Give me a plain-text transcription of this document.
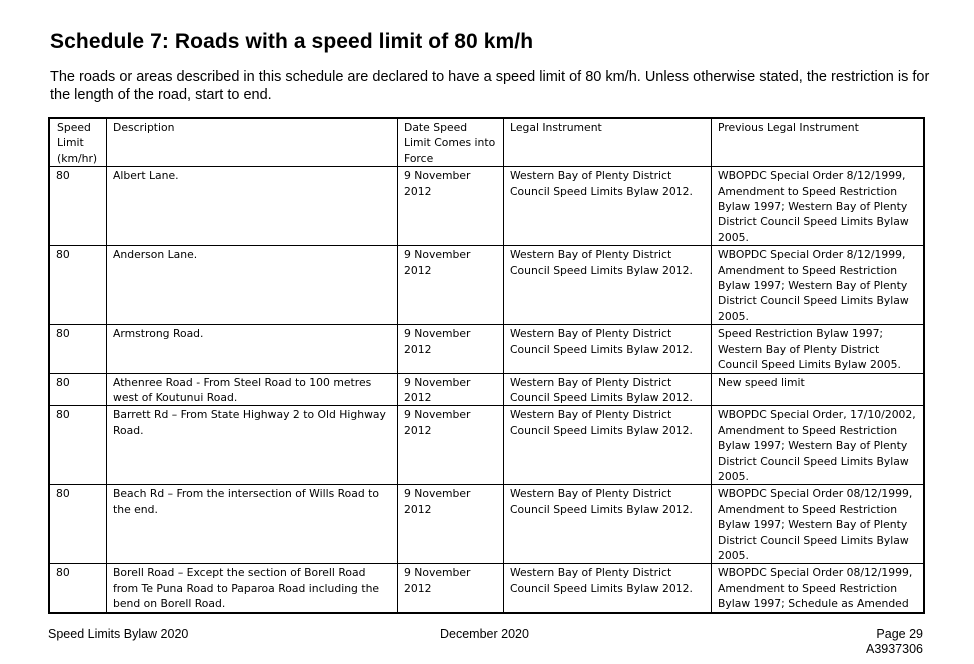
Schedule 7: Roads with a speed limit of 80 km/h
The roads or areas described in this schedule are declared to have a speed limit of 80 km/h. Unless otherwise stated, the restriction is for the length of the road, start to end.
Speed Limit (km/hr)	Description	Date Speed Limit Comes into Force	Legal Instrument	Previous Legal Instrument
80	Albert Lane.	9 November 2012	Western Bay of Plenty District Council Speed Limits Bylaw 2012.	WBOPDC Special Order 8/12/1999, Amendment to Speed Restriction Bylaw 1997; Western Bay of Plenty District Council Speed Limits Bylaw 2005.
80	Anderson Lane.	9 November 2012	Western Bay of Plenty District Council Speed Limits Bylaw 2012.	WBOPDC Special Order 8/12/1999, Amendment to Speed Restriction Bylaw 1997; Western Bay of Plenty District Council Speed Limits Bylaw 2005.
80	Armstrong Road.	9 November 2012	Western Bay of Plenty District Council Speed Limits Bylaw 2012.	Speed Restriction Bylaw 1997; Western Bay of Plenty District Council Speed Limits Bylaw 2005.
80	Athenree Road - From Steel Road to 100 metres west of Koutunui Road.	9 November 2012	Western Bay of Plenty District Council Speed Limits Bylaw 2012.	New speed limit
80	Barrett Rd – From State Highway 2 to Old Highway Road.	9 November 2012	Western Bay of Plenty District Council Speed Limits Bylaw 2012.	WBOPDC Special Order, 17/10/2002, Amendment to Speed Restriction Bylaw 1997; Western Bay of Plenty District Council Speed Limits Bylaw 2005.
80	Beach Rd – From the intersection of Wills Road to the end.	9 November 2012	Western Bay of Plenty District Council Speed Limits Bylaw 2012.	WBOPDC Special Order 08/12/1999, Amendment to Speed Restriction Bylaw 1997; Western Bay of Plenty District Council Speed Limits Bylaw 2005.
80	Borell Road – Except the section of Borell Road from Te Puna Road to Paparoa Road including the bend on Borell Road.	9 November 2012	Western Bay of Plenty District Council Speed Limits Bylaw 2012.	WBOPDC Special Order 08/12/1999, Amendment to Speed Restriction Bylaw 1997; Schedule as Amended
Speed Limits Bylaw 2020	December 2020	Page 29
A3937306
